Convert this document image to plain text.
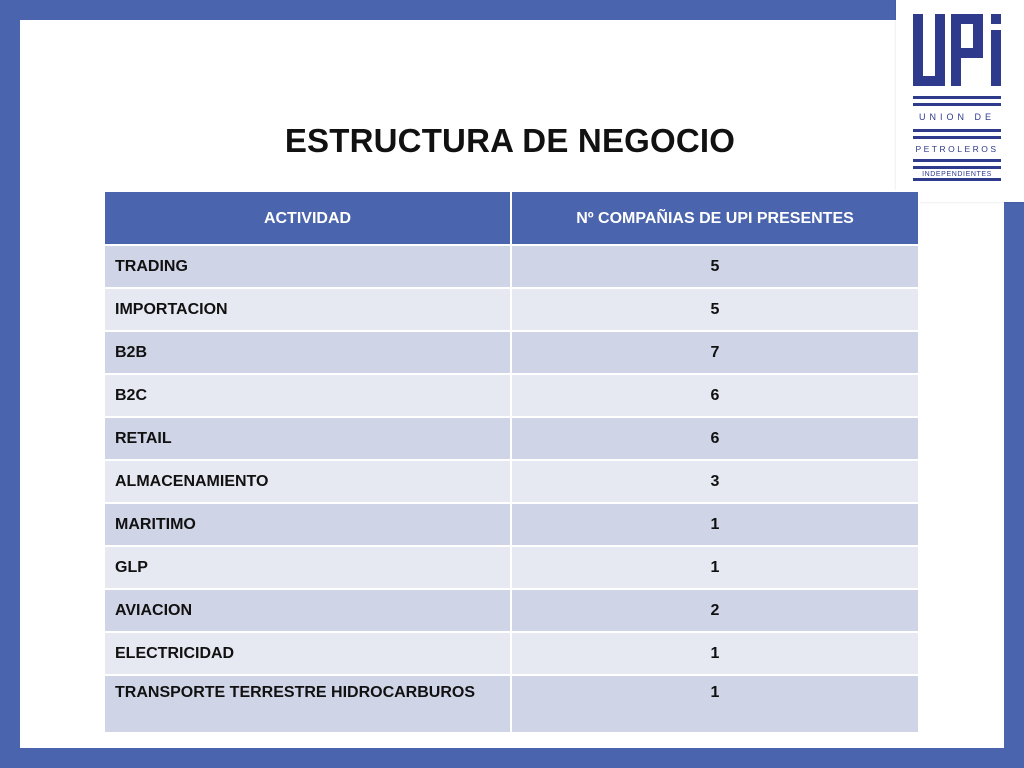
UNION DE
PETROLEROS
INDEPENDIENTES
ESTRUCTURA DE NEGOCIO
ACTIVIDAD	Nº COMPAÑIAS DE UPI PRESENTES
TRADING	5
IMPORTACION	5
B2B	7
B2C	6
RETAIL	6
ALMACENAMIENTO	3
MARITIMO	1
GLP	1
AVIACION	2
ELECTRICIDAD	1
TRANSPORTE TERRESTRE HIDROCARBUROS	1
